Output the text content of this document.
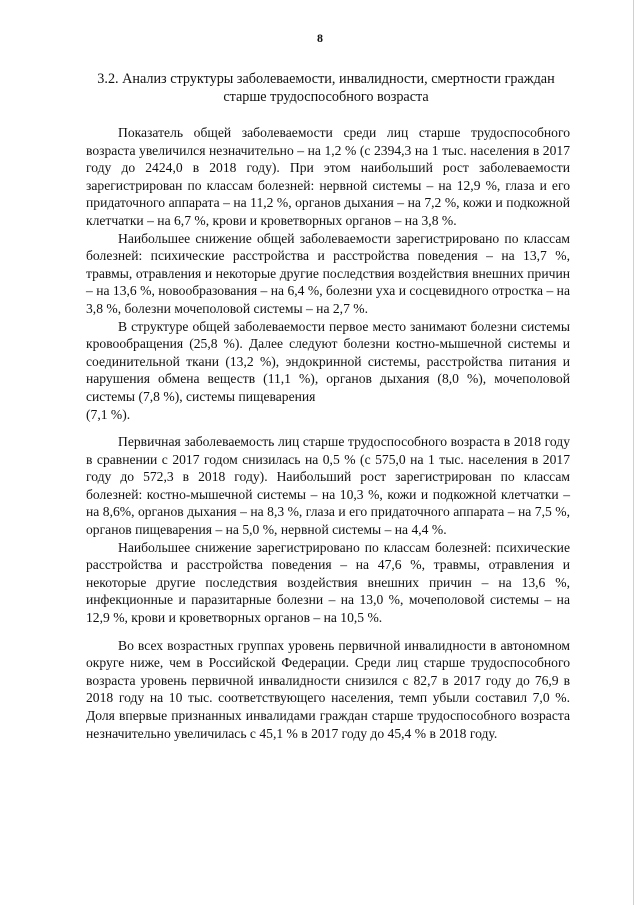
8
3.2. Анализ структуры заболеваемости, инвалидности, смертности граждан старше трудоспособного возраста

Показатель общей заболеваемости среди лиц старше трудоспособного возраста увеличился незначительно – на 1,2 % (с 2394,3 на 1 тыс. населения в 2017 году до 2424,0 в 2018 году). При этом наибольший рост заболеваемости зарегистрирован по классам болезней: нервной системы – на 12,9 %, глаза и его придаточного аппарата – на 11,2 %, органов дыхания – на 7,2 %, кожи и подкожной клетчатки – на 6,7 %, крови и кроветворных органов – на 3,8 %.

Наибольшее снижение общей заболеваемости зарегистрировано по классам болезней: психические расстройства и расстройства поведения – на 13,7 %, травмы, отравления и некоторые другие последствия воздействия внешних причин – на 13,6 %, новообразования – на 6,4 %, болезни уха и сосцевидного отростка – на 3,8 %, болезни мочеполовой системы – на 2,7 %.

В структуре общей заболеваемости первое место занимают болезни системы кровообращения (25,8 %). Далее следуют болезни костно-мышечной системы и соединительной ткани (13,2 %), эндокринной системы, расстройства питания и нарушения обмена веществ (11,1 %), органов дыхания (8,0 %), мочеполовой системы (7,8 %), системы пищеварения

(7,1 %).

Первичная заболеваемость лиц старше трудоспособного возраста в 2018 году в сравнении с 2017 годом снизилась на 0,5 % (с 575,0 на 1 тыс. населения в 2017 году до 572,3 в 2018 году). Наибольший рост зарегистрирован по классам болезней: костно-мышечной системы – на 10,3 %, кожи и подкожной клетчатки – на 8,6%, органов дыхания – на 8,3 %, глаза и его придаточного аппарата – на 7,5 %, органов пищеварения – на 5,0 %, нервной системы – на 4,4 %.

Наибольшее снижение зарегистрировано по классам болезней: психические расстройства и расстройства поведения – на 47,6 %, травмы, отравления и некоторые другие последствия воздействия внешних причин – на 13,6 %, инфекционные и паразитарные болезни – на 13,0 %, мочеполовой системы – на 12,9 %, крови и кроветворных органов – на 10,5 %.

Во всех возрастных группах уровень первичной инвалидности в автономном округе ниже, чем в Российской Федерации. Среди лиц старше трудоспособного возраста уровень первичной инвалидности снизился с 82,7 в 2017 году до 76,9 в 2018 году на 10 тыс. соответствующего населения, темп убыли составил 7,0 %. Доля впервые признанных инвалидами граждан старше трудоспособного возраста незначительно увеличилась с 45,1 % в 2017 году до 45,4 % в 2018 году.
